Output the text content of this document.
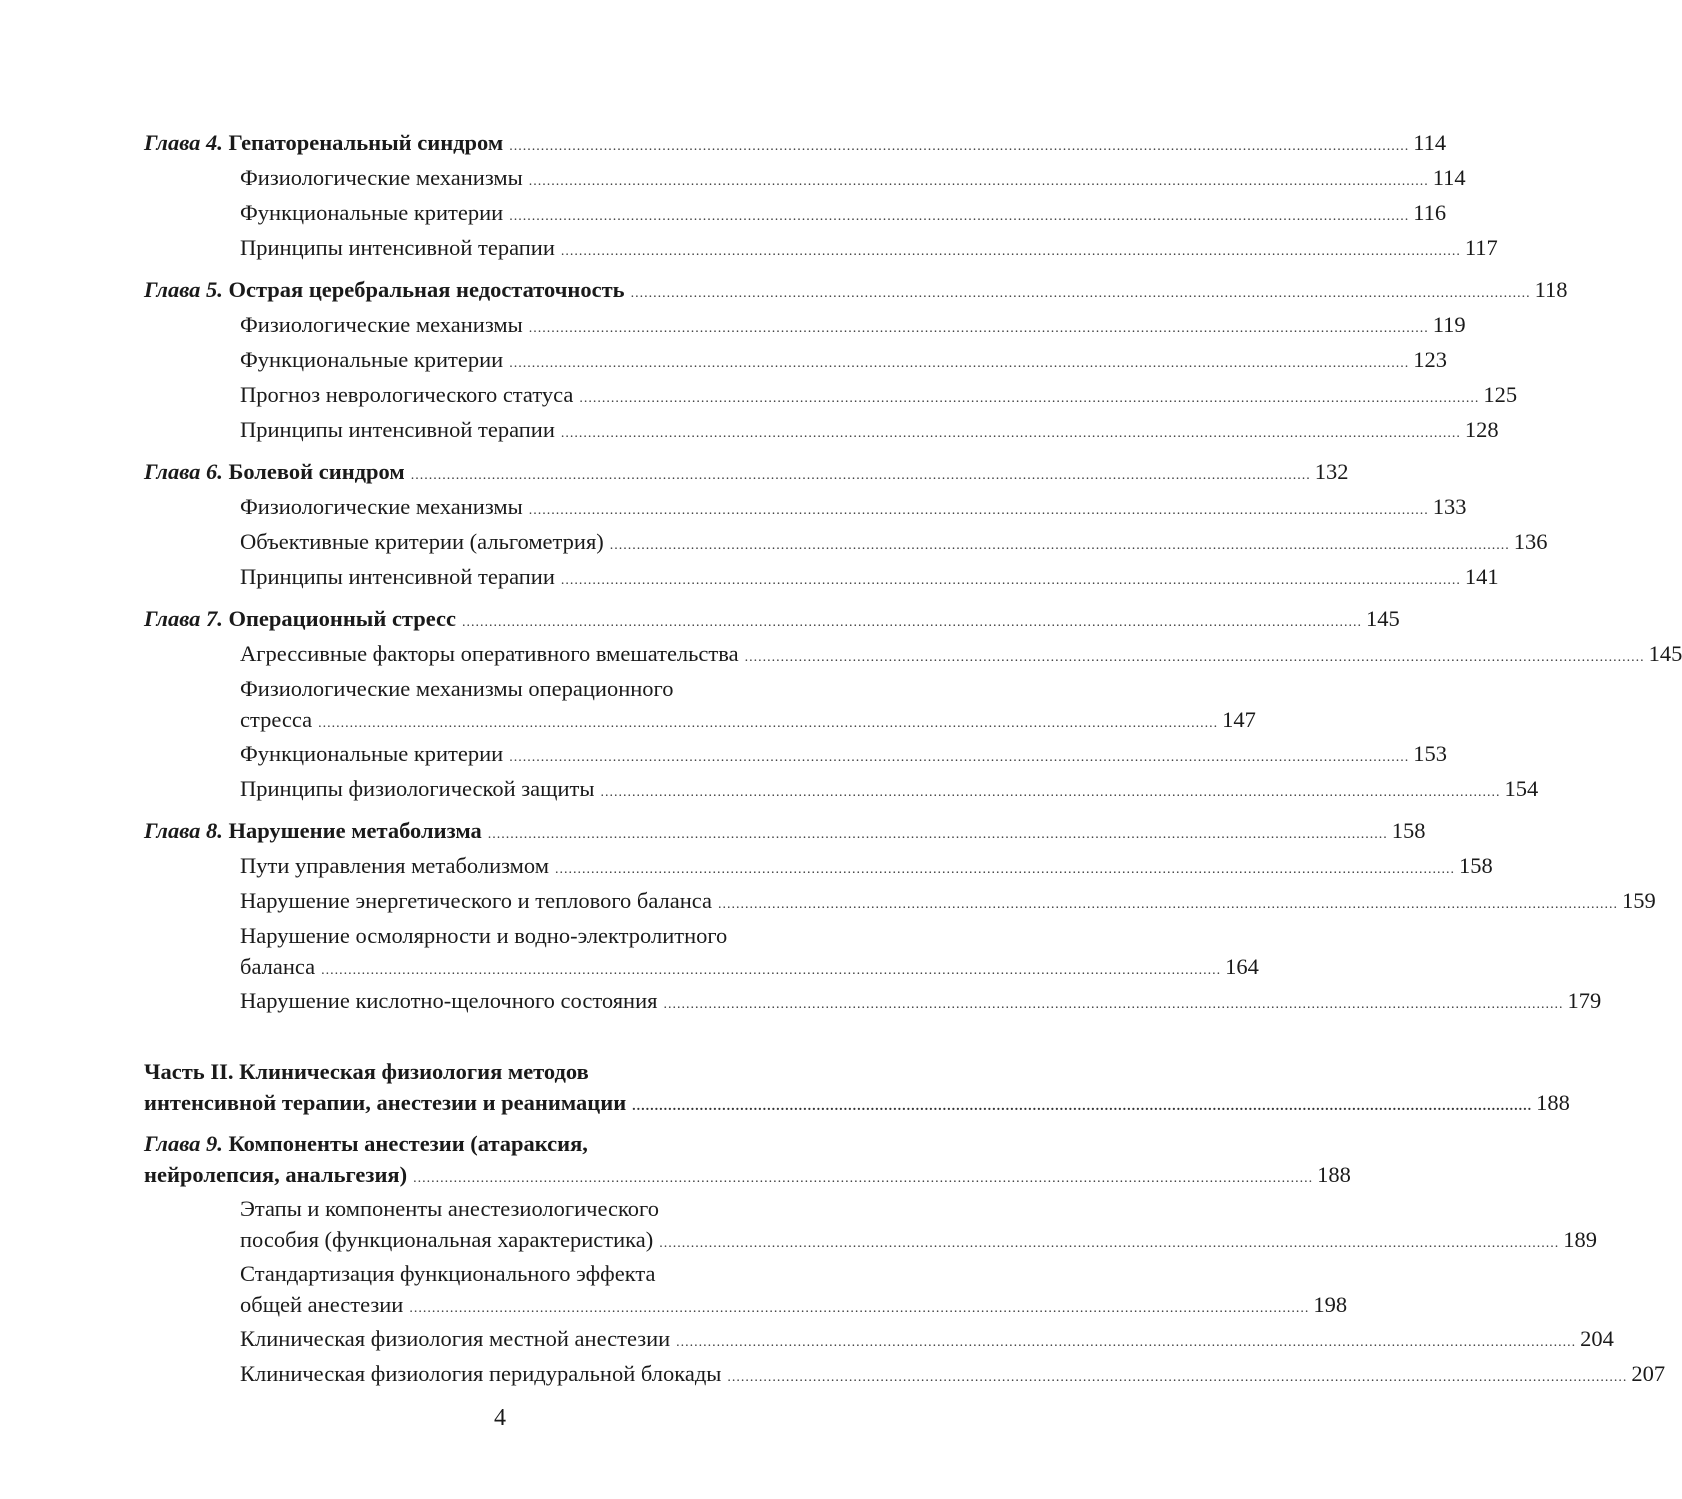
Глава 4. Гепаторенальный синдром ........................................................................................................................................................................................................ 114
Физиологические механизмы ........................................................................................................................................................................................................ 114
Функциональные критерии ........................................................................................................................................................................................................ 116
Принципы интенсивной терапии ........................................................................................................................................................................................................ 117
Глава 5. Острая церебральная недостаточность ........................................................................................................................................................................................................ 118
Физиологические механизмы ........................................................................................................................................................................................................ 119
Функциональные критерии ........................................................................................................................................................................................................ 123
Прогноз неврологического статуса ........................................................................................................................................................................................................ 125
Принципы интенсивной терапии ........................................................................................................................................................................................................ 128
Глава 6. Болевой синдром ........................................................................................................................................................................................................ 132
Физиологические механизмы ........................................................................................................................................................................................................ 133
Объективные критерии (альгометрия) ........................................................................................................................................................................................................ 136
Принципы интенсивной терапии ........................................................................................................................................................................................................ 141
Глава 7. Операционный стресс ........................................................................................................................................................................................................ 145
Агрессивные факторы оперативного вмешательства ........................................................................................................................................................................................................ 145
Физиологические механизмы операционного
стресса ........................................................................................................................................................................................................ 147
Функциональные критерии ........................................................................................................................................................................................................ 153
Принципы физиологической защиты ........................................................................................................................................................................................................ 154
Глава 8. Нарушение метаболизма ........................................................................................................................................................................................................ 158
Пути управления метаболизмом ........................................................................................................................................................................................................ 158
Нарушение энергетического и теплового баланса ........................................................................................................................................................................................................ 159
Нарушение осмолярности и водно-электролитного
баланса ........................................................................................................................................................................................................ 164
Нарушение кислотно-щелочного состояния ........................................................................................................................................................................................................ 179
Часть II. Клиническая физиология методов
интенсивной терапии, анестезии и реанимации ........................................................................................................................................................................................................ 188
Глава 9. Компоненты анестезии (атараксия,
нейролепсия, анальгезия) ........................................................................................................................................................................................................ 188
Этапы и компоненты анестезиологического
пособия (функциональная характеристика) ........................................................................................................................................................................................................ 189
Стандартизация функционального эффекта
общей анестезии ........................................................................................................................................................................................................ 198
Клиническая физиология местной анестезии ........................................................................................................................................................................................................ 204
Клиническая физиология перидуральной блокады ........................................................................................................................................................................................................ 207
4
